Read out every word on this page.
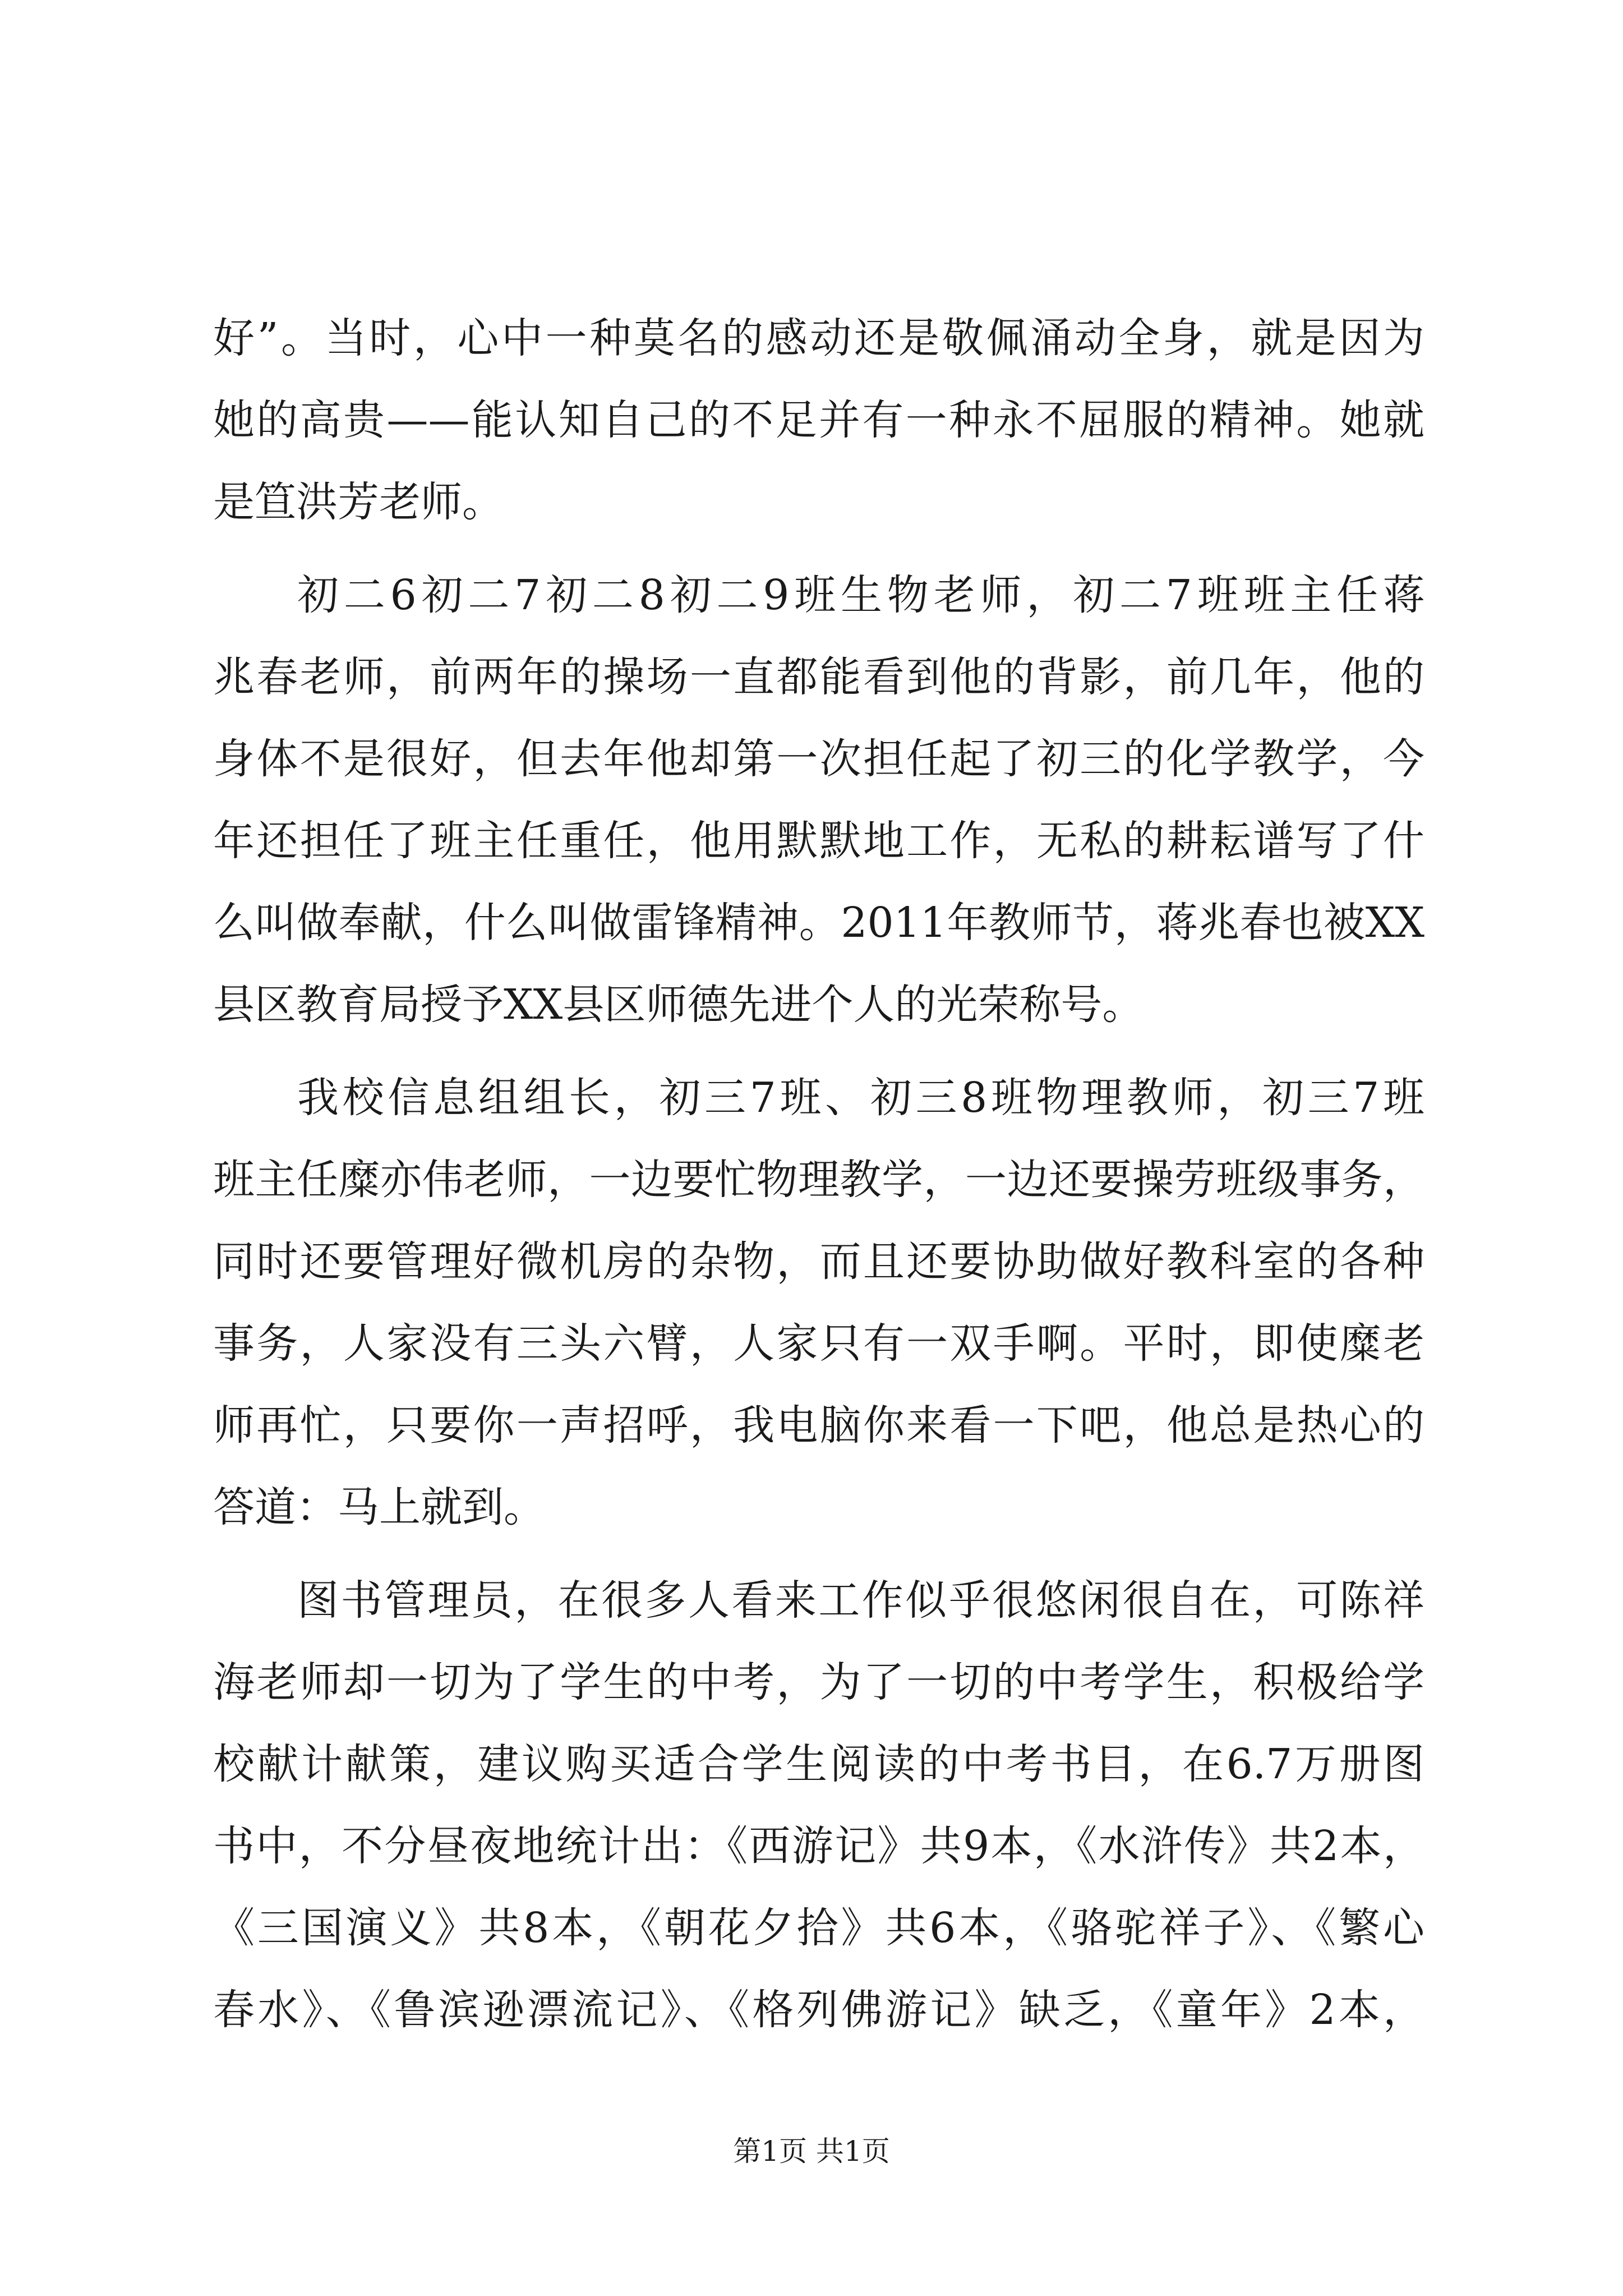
好”。当时，心中一种莫名的感动还是敬佩涌动全身，就是因为
她的高贵——能认知自己的不足并有一种永不屈服的精神。她就
是笪洪芳老师。
初二6初二7初二8初二9班生物老师，初二7班班主任蒋
兆春老师，前两年的操场一直都能看到他的背影，前几年，他的
身体不是很好，但去年他却第一次担任起了初三的化学教学，今
年还担任了班主任重任，他用默默地工作，无私的耕耘谱写了什
么叫做奉献，什么叫做雷锋精神。2011年教师节，蒋兆春也被XX
县区教育局授予XX县区师德先进个人的光荣称号。
我校信息组组长，初三7班、初三8班物理教师，初三7班
班主任糜亦伟老师，一边要忙物理教学，一边还要操劳班级事务，
同时还要管理好微机房的杂物，而且还要协助做好教科室的各种
事务，人家没有三头六臂，人家只有一双手啊。平时，即使糜老
师再忙，只要你一声招呼，我电脑你来看一下吧，他总是热心的
答道：马上就到。
图书管理员，在很多人看来工作似乎很悠闲很自在，可陈祥
海老师却一切为了学生的中考，为了一切的中考学生，积极给学
校献计献策，建议购买适合学生阅读的中考书目，在6.7万册图
书中，不分昼夜地统计出：《西游记》共9本，《水浒传》共2本，
《三国演义》共8本，《朝花夕拾》共6本，《骆驼祥子》、《繁心
春水》、《鲁滨逊漂流记》、《格列佛游记》缺乏，《童年》2本，
第1页 共1页
